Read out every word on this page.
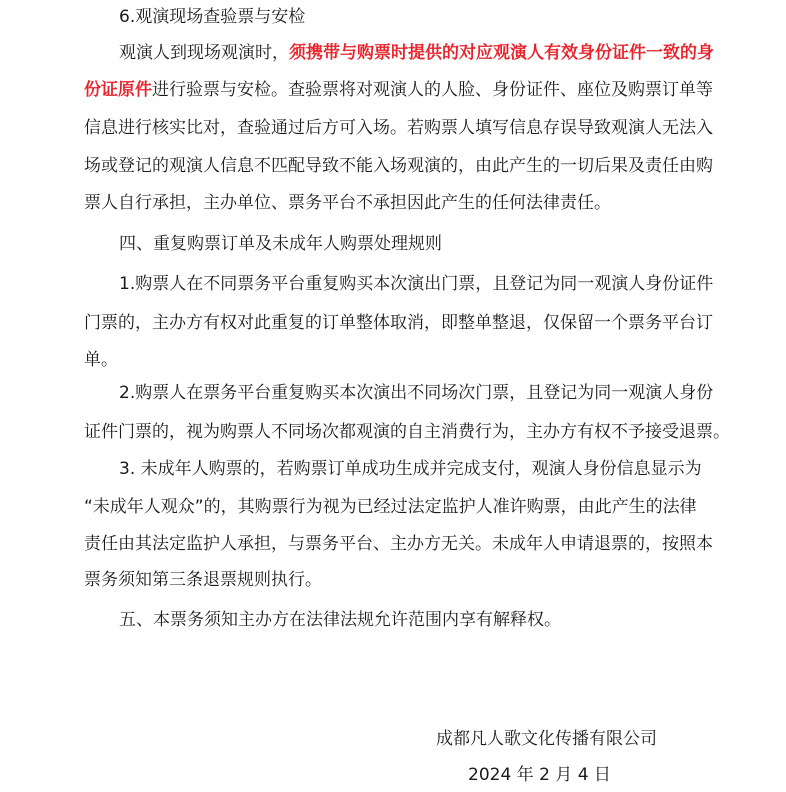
6.观演现场查验票与安检
观演人到现场观演时，须携带与购票时提供的对应观演人有效身份证件一致的身
份证原件进行验票与安检。查验票将对观演人的人脸、身份证件、座位及购票订单等
信息进行核实比对，查验通过后方可入场。若购票人填写信息存误导致观演人无法入
场或登记的观演人信息不匹配导致不能入场观演的，由此产生的一切后果及责任由购
票人自行承担，主办单位、票务平台不承担因此产生的任何法律责任。
四、重复购票订单及未成年人购票处理规则
1.购票人在不同票务平台重复购买本次演出门票，且登记为同一观演人身份证件
门票的，主办方有权对此重复的订单整体取消，即整单整退，仅保留一个票务平台订
单。
2.购票人在票务平台重复购买本次演出不同场次门票，且登记为同一观演人身份
证件门票的，视为购票人不同场次都观演的自主消费行为，主办方有权不予接受退票。
3. 未成年人购票的，若购票订单成功生成并完成支付，观演人身份信息显示为
“未成年人观众”的，其购票行为视为已经过法定监护人准许购票，由此产生的法律
责任由其法定监护人承担，与票务平台、主办方无关。未成年人申请退票的，按照本
票务须知第三条退票规则执行。
五、本票务须知主办方在法律法规允许范围内享有解释权。
成都凡人歌文化传播有限公司
2024 年 2 月 4 日
